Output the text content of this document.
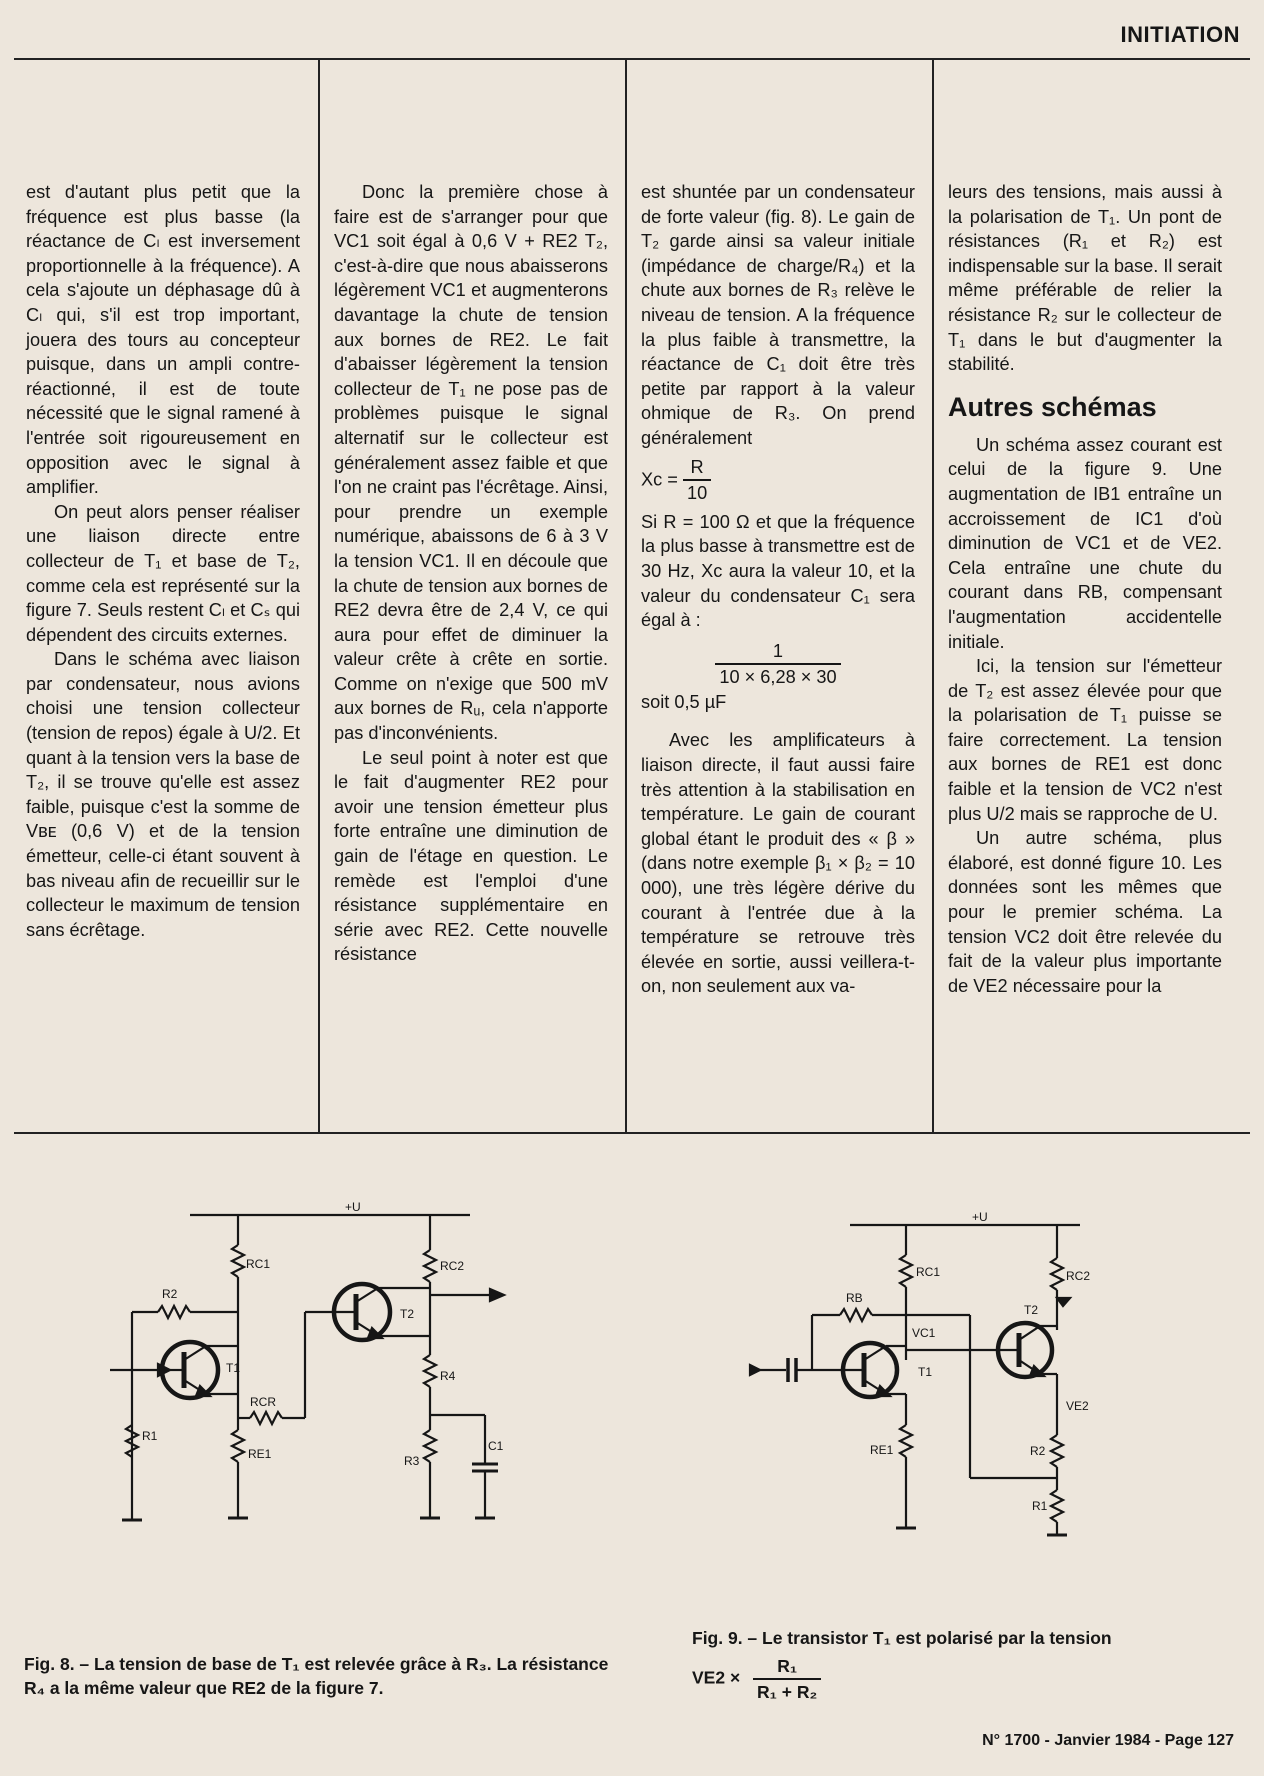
INITIATION

est d'autant plus petit que la fréquence est plus basse (la réactance de Cₗ est inversement proportionnelle à la fréquence). A cela s'ajoute un déphasage dû à Cₗ qui, s'il est trop important, jouera des tours au concepteur puisque, dans un ampli contre-réactionné, il est de toute nécessité que le signal ramené à l'entrée soit rigoureusement en opposition avec le signal à amplifier.

On peut alors penser réaliser une liaison directe entre collecteur de T₁ et base de T₂, comme cela est représenté sur la figure 7. Seuls restent Cₗ et Cₛ qui dépendent des circuits externes.

Dans le schéma avec liaison par condensateur, nous avions choisi une tension collecteur (tension de repos) égale à U/2. Et quant à la tension vers la base de T₂, il se trouve qu'elle est assez faible, puisque c'est la somme de Vʙᴇ (0,6 V) et de la tension émetteur, celle-ci étant souvent à bas niveau afin de recueillir sur le collecteur le maximum de tension sans écrêtage.

Donc la première chose à faire est de s'arranger pour que VC1 soit égal à 0,6 V + RE2 T₂, c'est-à-dire que nous abaisserons légèrement VC1 et augmenterons davantage la chute de tension aux bornes de RE2. Le fait d'abaisser légèrement la tension collecteur de T₁ ne pose pas de problèmes puisque le signal alternatif sur le collecteur est généralement assez faible et que l'on ne craint pas l'écrêtage. Ainsi, pour prendre un exemple numérique, abaissons de 6 à 3 V la tension VC1. Il en découle que la chute de tension aux bornes de RE2 devra être de 2,4 V, ce qui aura pour effet de diminuer la valeur crête à crête en sortie. Comme on n'exige que 500 mV aux bornes de Rᵤ, cela n'apporte pas d'inconvénients.

Le seul point à noter est que le fait d'augmenter RE2 pour avoir une tension émetteur plus forte entraîne une diminution de gain de l'étage en question. Le remède est l'emploi d'une résistance supplémentaire en série avec RE2. Cette nouvelle résistance

est shuntée par un condensateur de forte valeur (fig. 8). Le gain de T₂ garde ainsi sa valeur initiale (impédance de charge/R₄) et la chute aux bornes de R₃ relève le niveau de tension. A la fréquence la plus faible à transmettre, la réactance de C₁ doit être très petite par rapport à la valeur ohmique de R₃. On prend généralement

$Xc = \frac{R}{10}$

Si R = 100 Ω et que la fréquence la plus basse à transmettre est de 30 Hz, Xc aura la valeur 10, et la valeur du condensateur C₁ sera égal à :

$\frac{1}{10 \times 6,28 \times 30}$

soit 0,5 µF

Avec les amplificateurs à liaison directe, il faut aussi faire très attention à la stabilisation en température. Le gain de courant global étant le produit des « β » (dans notre exemple β₁ × β₂ = 10 000), une très légère dérive du courant à l'entrée due à la température se retrouve très élevée en sortie, aussi veillera-t-on, non seulement aux va-

leurs des tensions, mais aussi à la polarisation de T₁. Un pont de résistances (R₁ et R₂) est indispensable sur la base. Il serait même préférable de relier la résistance R₂ sur le collecteur de T₁ dans le but d'augmenter la stabilité.

Autres schémas

Un schéma assez courant est celui de la figure 9. Une augmentation de IB1 entraîne un accroissement de IC1 d'où diminution de VC1 et de VE2. Cela entraîne une chute du courant dans RB, compensant l'augmentation accidentelle initiale.

Ici, la tension sur l'émetteur de T₂ est assez élevée pour que la polarisation de T₁ puisse se faire correctement. La tension aux bornes de RE1 est donc faible et la tension de VC2 n'est plus U/2 mais se rapproche de U.

Un autre schéma, plus élaboré, est donné figure 10. Les données sont les mêmes que pour le premier schéma. La tension VC2 doit être relevée du fait de la valeur plus importante de VE2 nécessaire pour la

+U
RC1	RC2
R2
T1
RCR
T2
R4
C1
R3
R1
RE1
+U
RC1	RC2
RB
T1
VC1
T2
VE2
R2
R1
RE1
Fig. 8. – La tension de base de T₁ est relevée grâce à R₃. La résistance R₄ a la même valeur que RE2 de la figure 7.
Fig. 9. – Le transistor T₁ est polarisé par la tension
$VE2 \times \frac{\text{R₁}}{\text{R₁ + R₂}}$
N° 1700 - Janvier 1984 - Page 127
